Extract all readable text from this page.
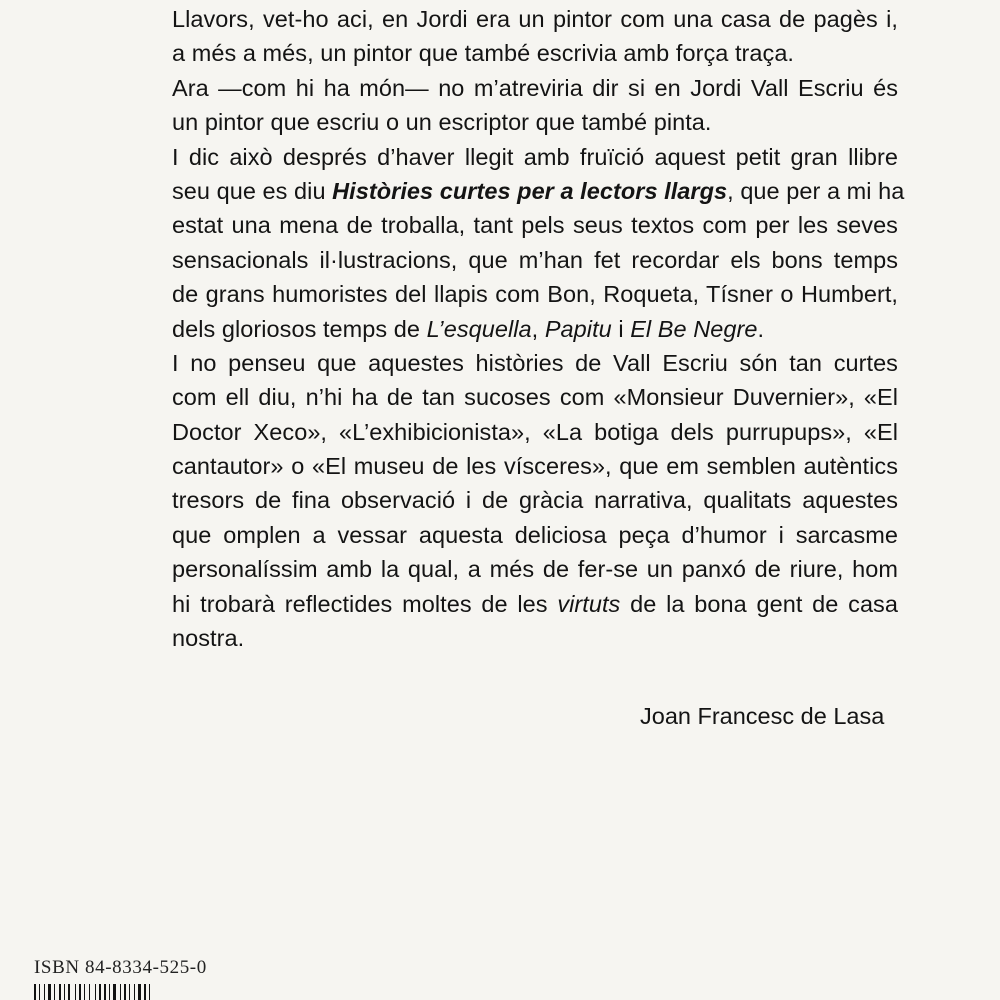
Llavors, vet-ho aci, en Jordi era un pintor com una casa de pagès i,
a més a més, un pintor que també escrivia amb força traça.
Ara —com hi ha món— no m’atreviria dir si en Jordi Vall Escriu és
un pintor que escriu o un escriptor que també pinta.
I dic això després d’haver llegit amb fruïció aquest petit gran llibre
seu que es diu Històries curtes per a lectors llargs, que per a mi ha
estat una mena de troballa, tant pels seus textos com per les seves
sensacionals il·lustracions, que m’han fet recordar els bons temps
de grans humoristes del llapis com Bon, Roqueta, Tísner o Humbert,
dels gloriosos temps de L’esquella, Papitu i El Be Negre.
I no penseu que aquestes històries de Vall Escriu són tan curtes
com ell diu, n’hi ha de tan sucoses com «Monsieur Duvernier», «El
Doctor Xeco», «L’exhibicionista», «La botiga dels purrupups», «El
cantautor» o «El museu de les vísceres», que em semblen autèntics
tresors de fina observació i de gràcia narrativa, qualitats aquestes
que omplen a vessar aquesta deliciosa peça d’humor i sarcasme
personalíssim amb la qual, a més de fer-se un panxó de riure, hom
hi trobarà reflectides moltes de les virtuts de la bona gent de casa
nostra.
Joan Francesc de Lasa
ISBN 84-8334-525-0
